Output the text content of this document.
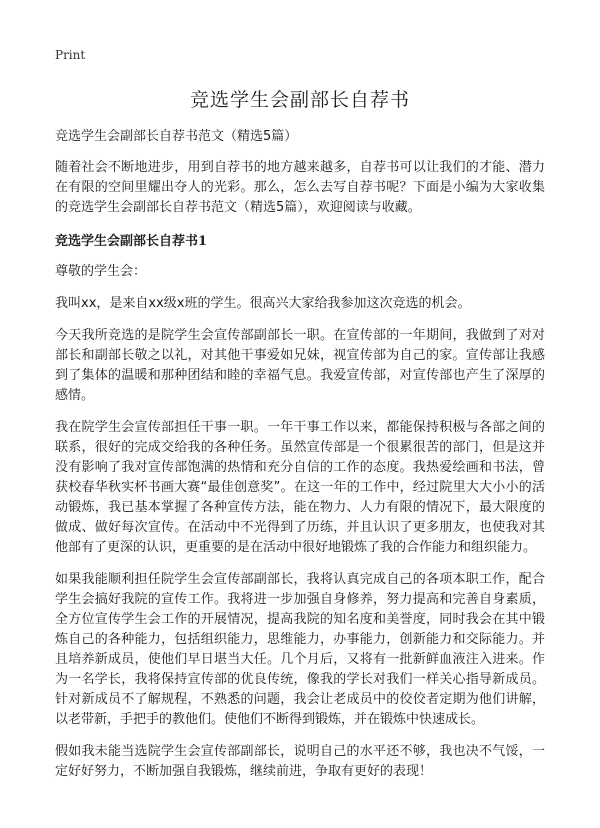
Print
竞选学生会副部长自荐书

竞选学生会副部长自荐书范文（精选5篇）

随着社会不断地进步，用到自荐书的地方越来越多，自荐书可以让我们的才能、潜力在有限的空间里耀出夺人的光彩。那么，怎么去写自荐书呢？下面是小编为大家收集的竞选学生会副部长自荐书范文（精选5篇），欢迎阅读与收藏。

竞选学生会副部长自荐书1

尊敬的学生会：

我叫xx，是来自xx级x班的学生。很高兴大家给我参加这次竞选的机会。

今天我所竞选的是院学生会宣传部副部长一职。在宣传部的一年期间，我做到了对对部长和副部长敬之以礼，对其他干事爱如兄妹，视宣传部为自己的家。宣传部让我感到了集体的温暖和那种团结和睦的幸福气息。我爱宣传部，对宣传部也产生了深厚的感情。

我在院学生会宣传部担任干事一职。一年干事工作以来，都能保持积极与各部之间的联系，很好的完成交给我的各种任务。虽然宣传部是一个很累很苦的部门，但是这并没有影响了我对宣传部饱满的热情和充分自信的工作的态度。我热爱绘画和书法，曾获校春华秋实杯书画大赛“最佳创意奖”。在这一年的工作中，经过院里大大小小的活动锻炼，我已基本掌握了各种宣传方法，能在物力、人力有限的情况下，最大限度的做成、做好每次宣传。在活动中不光得到了历练，并且认识了更多朋友，也使我对其他部有了更深的认识，更重要的是在活动中很好地锻炼了我的合作能力和组织能力。

如果我能顺利担任院学生会宣传部副部长，我将认真完成自己的各项本职工作，配合学生会搞好我院的宣传工作。我将进一步加强自身修养，努力提高和完善自身素质，全方位宣传学生会工作的开展情况，提高我院的知名度和美誉度，同时我会在其中锻炼自己的各种能力，包括组织能力，思维能力，办事能力，创新能力和交际能力。并且培养新成员，使他们早日堪当大任。几个月后，又将有一批新鲜血液注入进来。作为一名学长，我将保持宣传部的优良传统，像我的学长对我们一样关心指导新成员。针对新成员不了解规程，不熟悉的问题，我会让老成员中的佼佼者定期为他们讲解，以老带新，手把手的教他们。使他们不断得到锻炼，并在锻炼中快速成长。

假如我未能当选院学生会宣传部副部长，说明自己的水平还不够，我也决不气馁，一定好好努力，不断加强自我锻炼，继续前进，争取有更好的表现！
